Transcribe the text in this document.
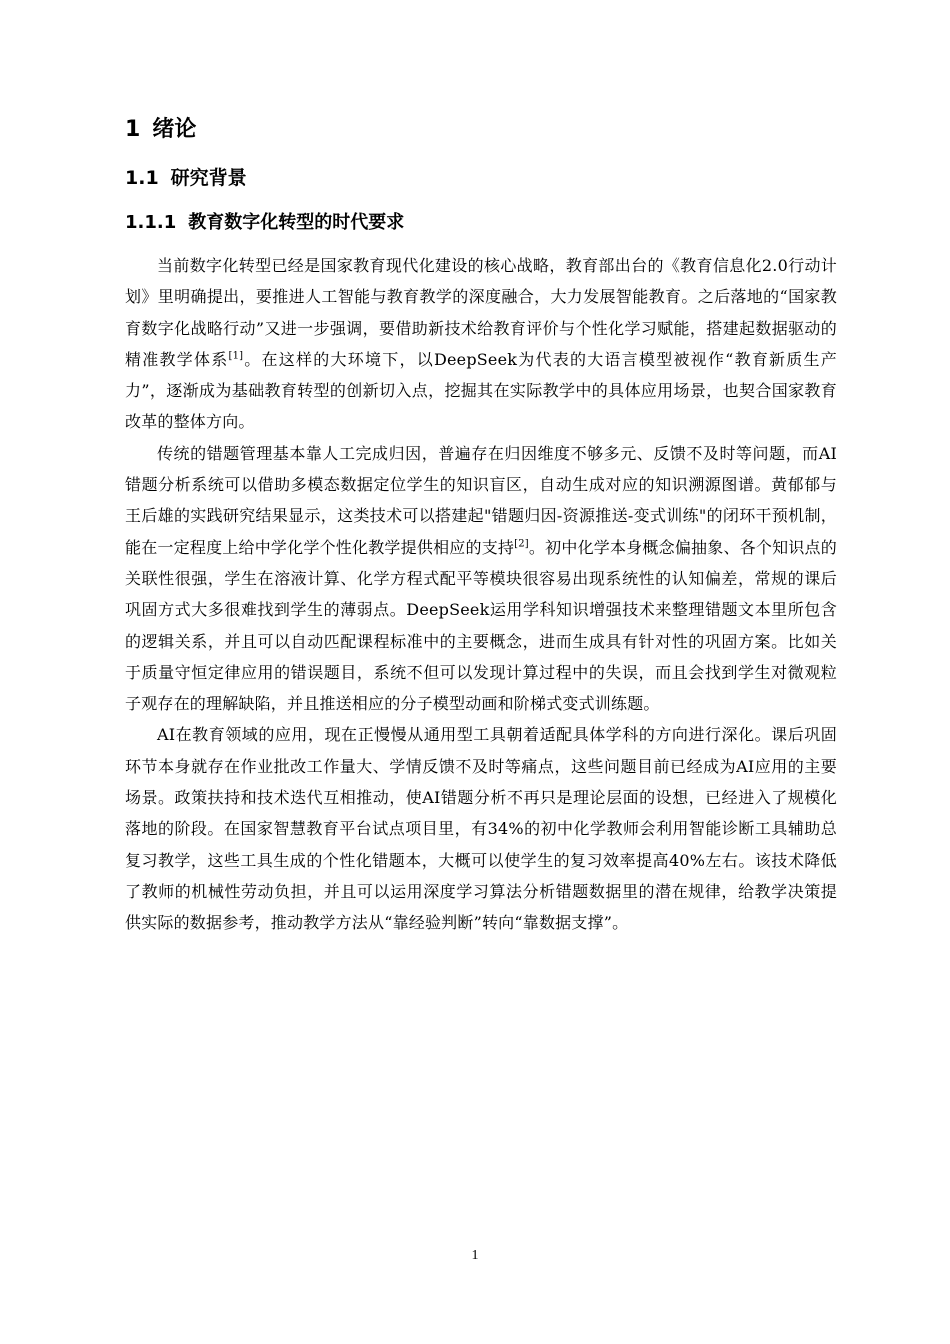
1 绪论
1.1 研究背景
1.1.1 教育数字化转型的时代要求

当前数字化转型已经是国家教育现代化建设的核心战略，教育部出台的《教育信息化2.0行动计划》里明确提出，要推进人工智能与教育教学的深度融合，大力发展智能教育。之后落地的“国家教育数字化战略行动”又进一步强调，要借助新技术给教育评价与个性化学习赋能，搭建起数据驱动的精准教学体系[1]。在这样的大环境下，以DeepSeek为代表的大语言模型被视作“教育新质生产力”，逐渐成为基础教育转型的创新切入点，挖掘其在实际教学中的具体应用场景，也契合国家教育改革的整体方向。

传统的错题管理基本靠人工完成归因，普遍存在归因维度不够多元、反馈不及时等问题，而AI错题分析系统可以借助多模态数据定位学生的知识盲区，自动生成对应的知识溯源图谱。黄郁郁与王后雄的实践研究结果显示，这类技术可以搭建起"错题归因-资源推送-变式训练"的闭环干预机制，能在一定程度上给中学化学个性化教学提供相应的支持[2]。初中化学本身概念偏抽象、各个知识点的关联性很强，学生在溶液计算、化学方程式配平等模块很容易出现系统性的认知偏差，常规的课后巩固方式大多很难找到学生的薄弱点。DeepSeek运用学科知识增强技术来整理错题文本里所包含的逻辑关系，并且可以自动匹配课程标准中的主要概念，进而生成具有针对性的巩固方案。比如关于质量守恒定律应用的错误题目，系统不但可以发现计算过程中的失误，而且会找到学生对微观粒子观存在的理解缺陷，并且推送相应的分子模型动画和阶梯式变式训练题。

AI在教育领域的应用，现在正慢慢从通用型工具朝着适配具体学科的方向进行深化。课后巩固环节本身就存在作业批改工作量大、学情反馈不及时等痛点，这些问题目前已经成为AI应用的主要场景。政策扶持和技术迭代互相推动，使AI错题分析不再只是理论层面的设想，已经进入了规模化落地的阶段。在国家智慧教育平台试点项目里，有34%的初中化学教师会利用智能诊断工具辅助总复习教学，这些工具生成的个性化错题本，大概可以使学生的复习效率提高40%左右。该技术降低了教师的机械性劳动负担，并且可以运用深度学习算法分析错题数据里的潜在规律，给教学决策提供实际的数据参考，推动教学方法从“靠经验判断”转向“靠数据支撑”。

1
